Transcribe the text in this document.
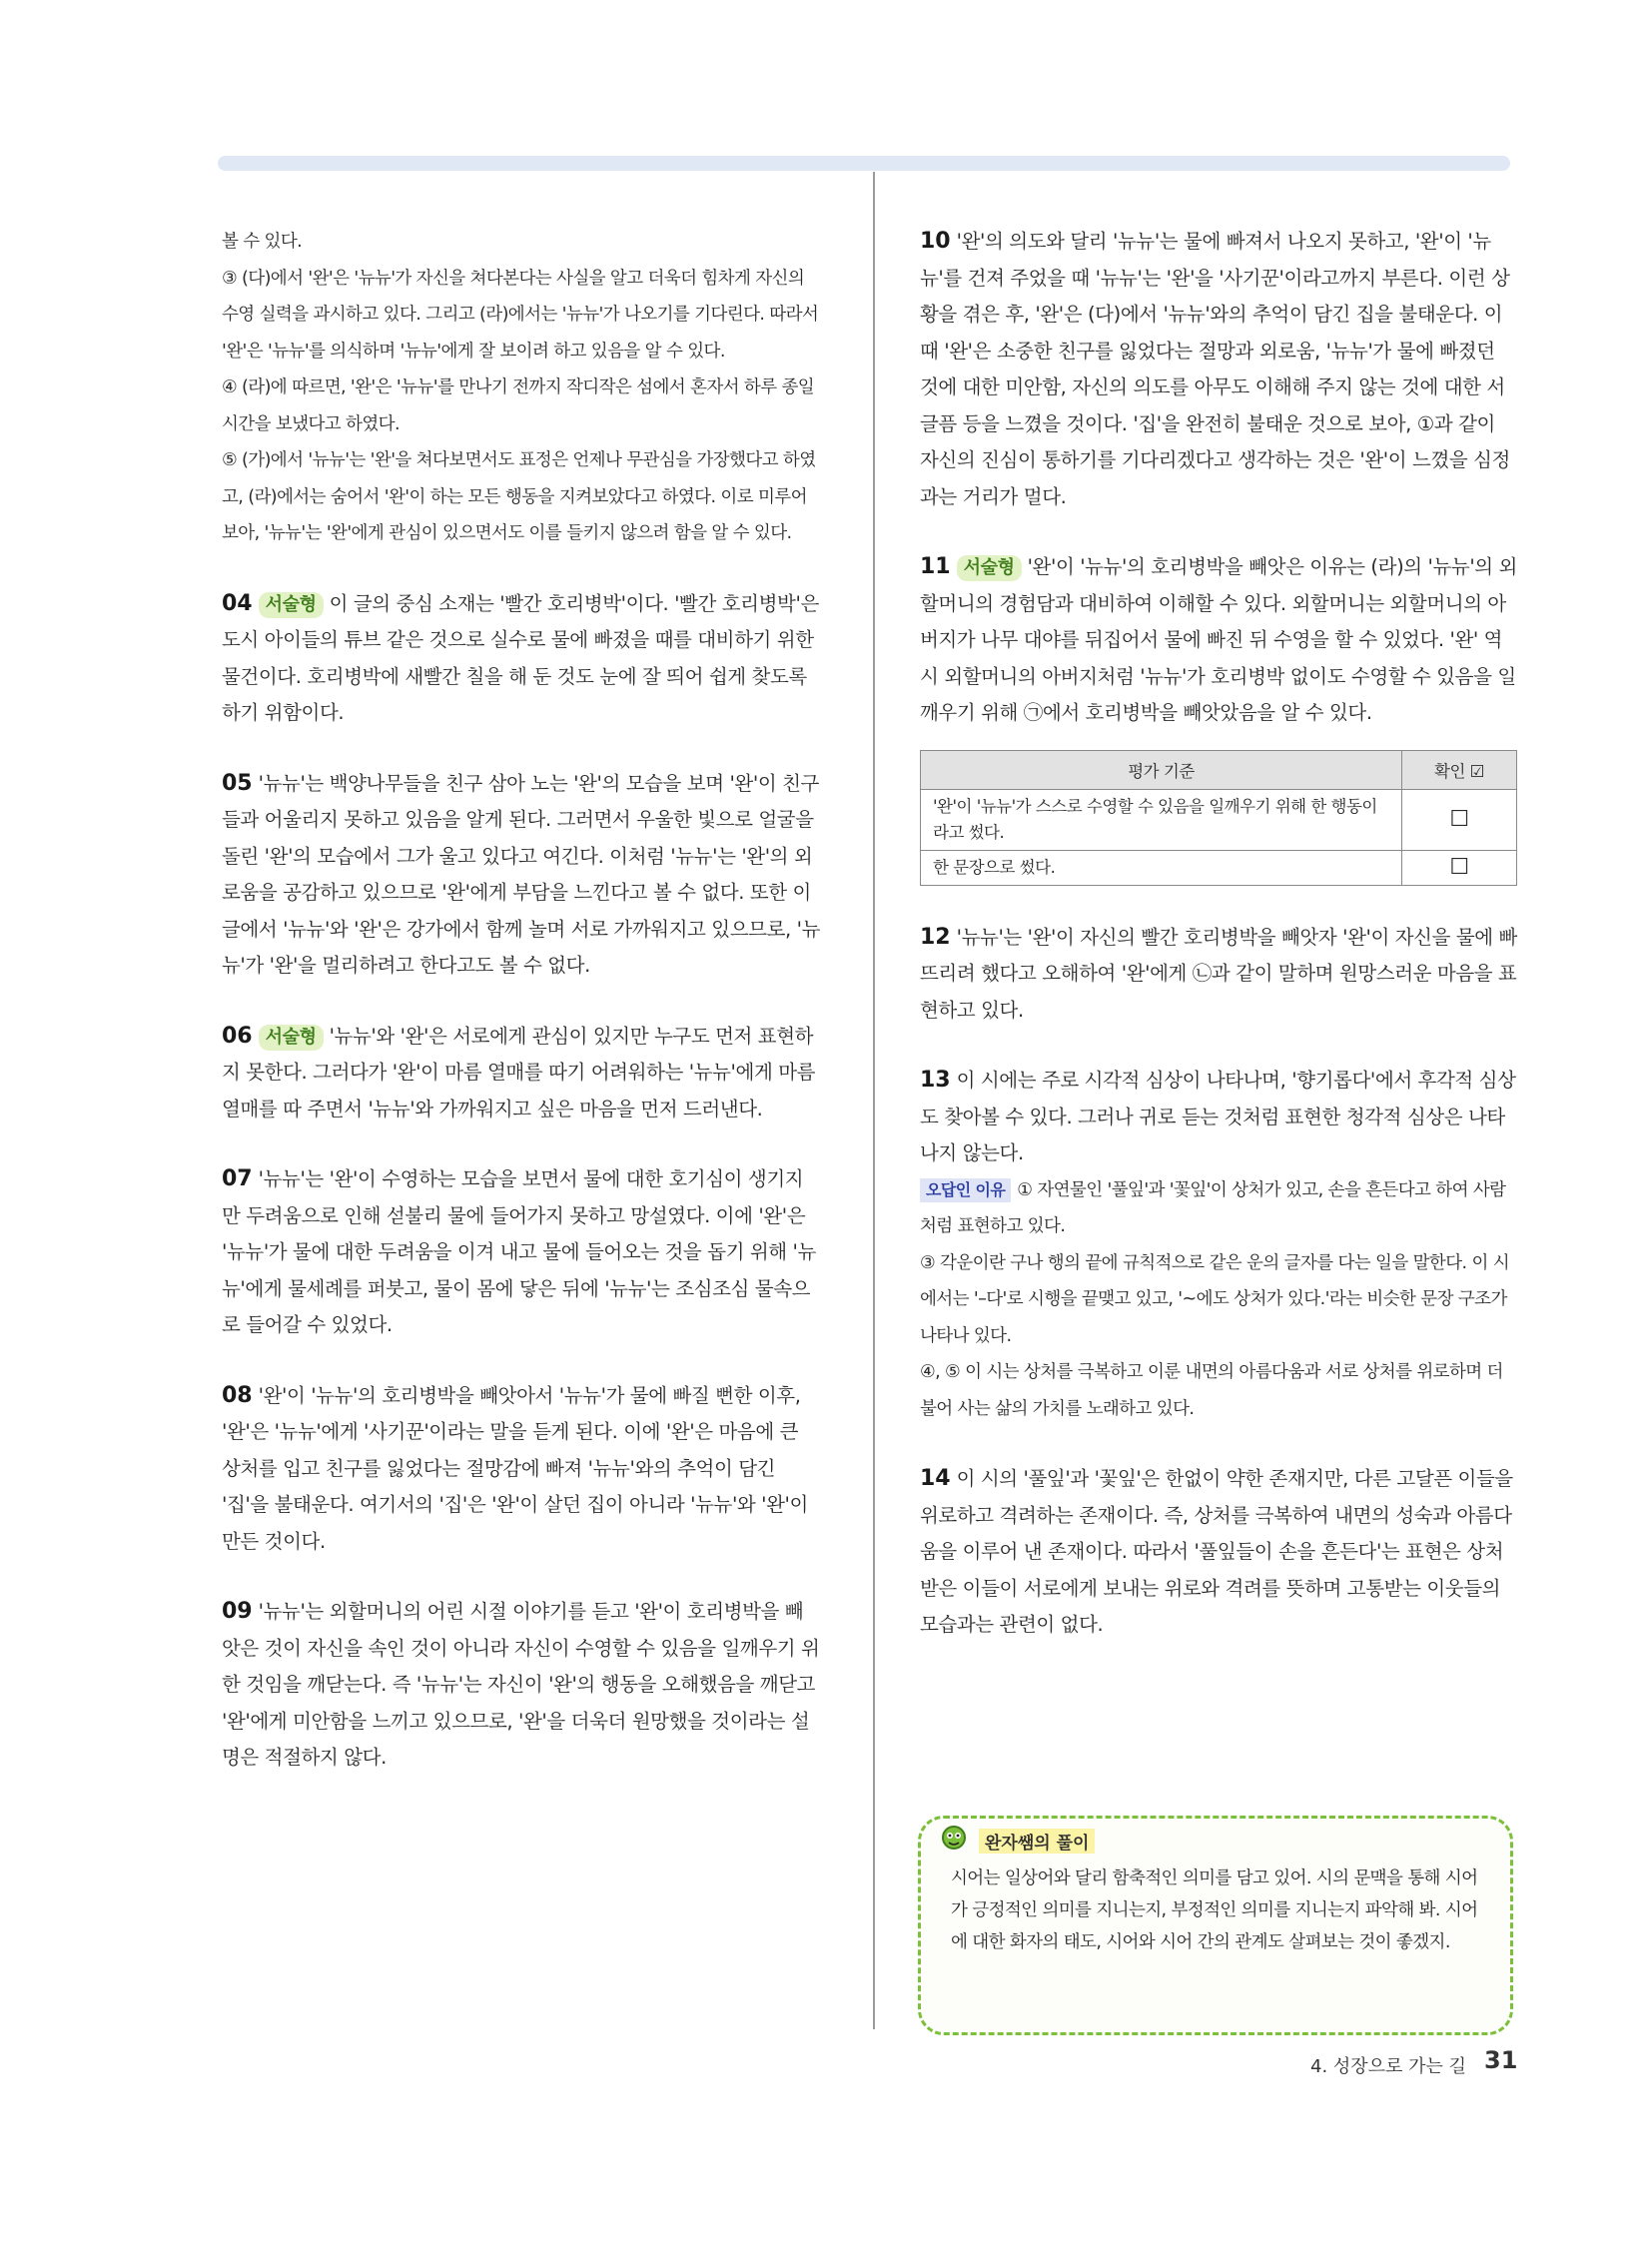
볼 수 있다.

③ (다)에서 '완'은 '뉴뉴'가 자신을 쳐다본다는 사실을 알고 더욱더 힘차게 자신의 수영 실력을 과시하고 있다. 그리고 (라)에서는 '뉴뉴'가 나오기를 기다린다. 따라서 '완'은 '뉴뉴'를 의식하며 '뉴뉴'에게 잘 보이려 하고 있음을 알 수 있다.

④ (라)에 따르면, '완'은 '뉴뉴'를 만나기 전까지 작디작은 섬에서 혼자서 하루 종일 시간을 보냈다고 하였다.

⑤ (가)에서 '뉴뉴'는 '완'을 쳐다보면서도 표정은 언제나 무관심을 가장했다고 하였고, (라)에서는 숨어서 '완'이 하는 모든 행동을 지켜보았다고 하였다. 이로 미루어 보아, '뉴뉴'는 '완'에게 관심이 있으면서도 이를 들키지 않으려 함을 알 수 있다.

04 서술형 이 글의 중심 소재는 '빨간 호리병박'이다. '빨간 호리병박'은 도시 아이들의 튜브 같은 것으로 실수로 물에 빠졌을 때를 대비하기 위한 물건이다. 호리병박에 새빨간 칠을 해 둔 것도 눈에 잘 띄어 쉽게 찾도록 하기 위함이다.

05 '뉴뉴'는 백양나무들을 친구 삼아 노는 '완'의 모습을 보며 '완'이 친구들과 어울리지 못하고 있음을 알게 된다. 그러면서 우울한 빛으로 얼굴을 돌린 '완'의 모습에서 그가 울고 있다고 여긴다. 이처럼 '뉴뉴'는 '완'의 외로움을 공감하고 있으므로 '완'에게 부담을 느낀다고 볼 수 없다. 또한 이 글에서 '뉴뉴'와 '완'은 강가에서 함께 놀며 서로 가까워지고 있으므로, '뉴뉴'가 '완'을 멀리하려고 한다고도 볼 수 없다.

06 서술형 '뉴뉴'와 '완'은 서로에게 관심이 있지만 누구도 먼저 표현하지 못한다. 그러다가 '완'이 마름 열매를 따기 어려워하는 '뉴뉴'에게 마름 열매를 따 주면서 '뉴뉴'와 가까워지고 싶은 마음을 먼저 드러낸다.

07 '뉴뉴'는 '완'이 수영하는 모습을 보면서 물에 대한 호기심이 생기지만 두려움으로 인해 섣불리 물에 들어가지 못하고 망설였다. 이에 '완'은 '뉴뉴'가 물에 대한 두려움을 이겨 내고 물에 들어오는 것을 돕기 위해 '뉴뉴'에게 물세례를 퍼붓고, 물이 몸에 닿은 뒤에 '뉴뉴'는 조심조심 물속으로 들어갈 수 있었다.

08 '완'이 '뉴뉴'의 호리병박을 빼앗아서 '뉴뉴'가 물에 빠질 뻔한 이후, '완'은 '뉴뉴'에게 '사기꾼'이라는 말을 듣게 된다. 이에 '완'은 마음에 큰 상처를 입고 친구를 잃었다는 절망감에 빠져 '뉴뉴'와의 추억이 담긴 '집'을 불태운다. 여기서의 '집'은 '완'이 살던 집이 아니라 '뉴뉴'와 '완'이 만든 것이다.

09 '뉴뉴'는 외할머니의 어린 시절 이야기를 듣고 '완'이 호리병박을 빼앗은 것이 자신을 속인 것이 아니라 자신이 수영할 수 있음을 일깨우기 위한 것임을 깨닫는다. 즉 '뉴뉴'는 자신이 '완'의 행동을 오해했음을 깨닫고 '완'에게 미안함을 느끼고 있으므로, '완'을 더욱더 원망했을 것이라는 설명은 적절하지 않다.

10 '완'의 의도와 달리 '뉴뉴'는 물에 빠져서 나오지 못하고, '완'이 '뉴뉴'를 건져 주었을 때 '뉴뉴'는 '완'을 '사기꾼'이라고까지 부른다. 이런 상황을 겪은 후, '완'은 (다)에서 '뉴뉴'와의 추억이 담긴 집을 불태운다. 이때 '완'은 소중한 친구를 잃었다는 절망과 외로움, '뉴뉴'가 물에 빠졌던 것에 대한 미안함, 자신의 의도를 아무도 이해해 주지 않는 것에 대한 서글픔 등을 느꼈을 것이다. '집'을 완전히 불태운 것으로 보아, ①과 같이 자신의 진심이 통하기를 기다리겠다고 생각하는 것은 '완'이 느꼈을 심정과는 거리가 멀다.

11 서술형 '완'이 '뉴뉴'의 호리병박을 빼앗은 이유는 (라)의 '뉴뉴'의 외할머니의 경험담과 대비하여 이해할 수 있다. 외할머니는 외할머니의 아버지가 나무 대야를 뒤집어서 물에 빠진 뒤 수영을 할 수 있었다. '완' 역시 외할머니의 아버지처럼 '뉴뉴'가 호리병박 없이도 수영할 수 있음을 일깨우기 위해 ㉠에서 호리병박을 빼앗았음을 알 수 있다.

평가 기준	확인 ☑
'완'이 '뉴뉴'가 스스로 수영할 수 있음을 일깨우기 위해 한 행동이라고 썼다.	☐
한 문장으로 썼다.	☐

12 '뉴뉴'는 '완'이 자신의 빨간 호리병박을 빼앗자 '완'이 자신을 물에 빠뜨리려 했다고 오해하여 '완'에게 ㉡과 같이 말하며 원망스러운 마음을 표현하고 있다.

13 이 시에는 주로 시각적 심상이 나타나며, '향기롭다'에서 후각적 심상도 찾아볼 수 있다. 그러나 귀로 듣는 것처럼 표현한 청각적 심상은 나타나지 않는다.

오답인 이유 ① 자연물인 '풀잎'과 '꽃잎'이 상처가 있고, 손을 흔든다고 하여 사람처럼 표현하고 있다.

③ 각운이란 구나 행의 끝에 규칙적으로 같은 운의 글자를 다는 일을 말한다. 이 시에서는 '–다'로 시행을 끝맺고 있고, '~에도 상처가 있다.'라는 비슷한 문장 구조가 나타나 있다.

④, ⑤ 이 시는 상처를 극복하고 이룬 내면의 아름다움과 서로 상처를 위로하며 더불어 사는 삶의 가치를 노래하고 있다.

14 이 시의 '풀잎'과 '꽃잎'은 한없이 약한 존재지만, 다른 고달픈 이들을 위로하고 격려하는 존재이다. 즉, 상처를 극복하여 내면의 성숙과 아름다움을 이루어 낸 존재이다. 따라서 '풀잎들이 손을 흔든다'는 표현은 상처받은 이들이 서로에게 보내는 위로와 격려를 뜻하며 고통받는 이웃들의 모습과는 관련이 없다.

완자쌤의 풀이
시어는 일상어와 달리 함축적인 의미를 담고 있어. 시의 문맥을 통해 시어가 긍정적인 의미를 지니는지, 부정적인 의미를 지니는지 파악해 봐. 시어에 대한 화자의 태도, 시어와 시어 간의 관계도 살펴보는 것이 좋겠지.
4. 성장으로 가는 길 31
